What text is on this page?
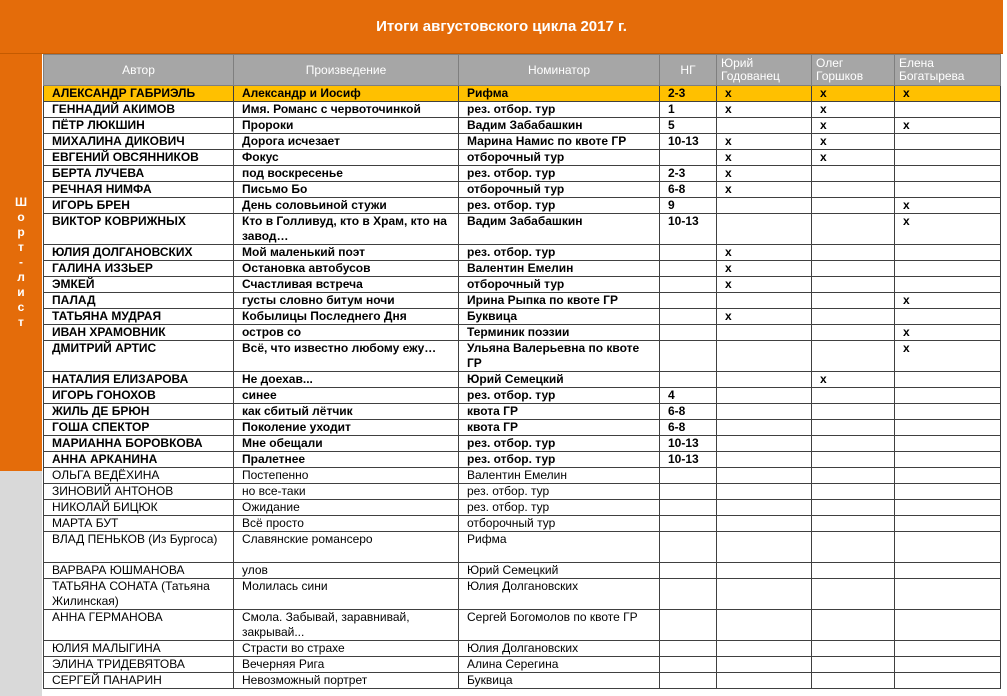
Итоги августовского цикла 2017 г.
Шорт-лист
Автор	Произведение	Номинатор	НГ	Юрий Годованец	Олег Горшков	Елена Богатырева
АЛЕКСАНДР ГАБРИЭЛЬ	Александр и Иосиф	Рифма	2-3	х	х	х
ГЕННАДИЙ АКИМОВ	Имя. Романс с червоточинкой	рез. отбор. тур	1	х	х	
ПЁТР ЛЮКШИН	Пророки	Вадим Забабашкин	5		х	х
МИХАЛИНА ДИКОВИЧ	Дорога исчезает	Марина Намис по квоте ГР	10-13	х	х	
ЕВГЕНИЙ ОВСЯННИКОВ	Фокус	отборочный тур		х	х	
БЕРТА ЛУЧЕВА	под воскресенье	рез. отбор. тур	2-3	х		
РЕЧНАЯ НИМФА	Письмо Бо	отборочный тур	6-8	х		
ИГОРЬ БРЕН	День соловьиной стужи	рез. отбор. тур	9			х
ВИКТОР КОВРИЖНЫХ	Кто в Голливуд, кто в Храм, кто на завод…	Вадим Забабашкин	10-13			х
ЮЛИЯ ДОЛГАНОВСКИХ	Мой маленький поэт	рез. отбор. тур		х		
ГАЛИНА ИЗЗЬЕР	Остановка автобусов	Валентин Емелин		х		
ЭМКЕЙ	Счастливая встреча	отборочный тур		х		
ПАЛАД	густы словно битум ночи	Ирина Рыпка по квоте ГР				х
ТАТЬЯНА МУДРАЯ	Кобылицы Последнего Дня	Буквица		х		
ИВАН ХРАМОВНИК	остров со	Терминик поэзии				х
ДМИТРИЙ АРТИС	Всё, что известно любому ежу…	Ульяна Валерьевна по квоте ГР				х
НАТАЛИЯ ЕЛИЗАРОВА	Не доехав...	Юрий Семецкий			х	
ИГОРЬ ГОНОХОВ	синее	рез. отбор. тур	4			
ЖИЛЬ ДЕ БРЮН	как сбитый лётчик	квота ГР	6-8			
ГОША СПЕКТОР	Поколение уходит	квота ГР	6-8			
МАРИАННА БОРОВКОВА	Мне обещали	рез. отбор. тур	10-13			
АННА АРКАНИНА	Пралетнее	рез. отбор. тур	10-13			
ОЛЬГА ВЕДЁХИНА	Постепенно	Валентин Емелин				
ЗИНОВИЙ АНТОНОВ	но все-таки	рез. отбор. тур				
НИКОЛАЙ БИЦЮК	Ожидание	рез. отбор. тур				
МАРТА БУТ	Всё просто	отборочный тур				
ВЛАД ПЕНЬКОВ (Из Бургоса)	Славянские романсеро	Рифма				
ВАРВАРА ЮШМАНОВА	улов	Юрий Семецкий				
ТАТЬЯНА СОНАТА (Татьяна Жилинская)	Молилась сини	Юлия Долгановских				
АННА ГЕРМАНОВА	Смола. Забывай, заравнивай, закрывай...	Сергей Богомолов по квоте ГР				
ЮЛИЯ МАЛЫГИНА	Страсти во страхе	Юлия Долгановских				
ЭЛИНА ТРИДЕВЯТОВА	Вечерняя Рига	Алина Серегина				
СЕРГЕЙ ПАНАРИН	Невозможный портрет	Буквица				
